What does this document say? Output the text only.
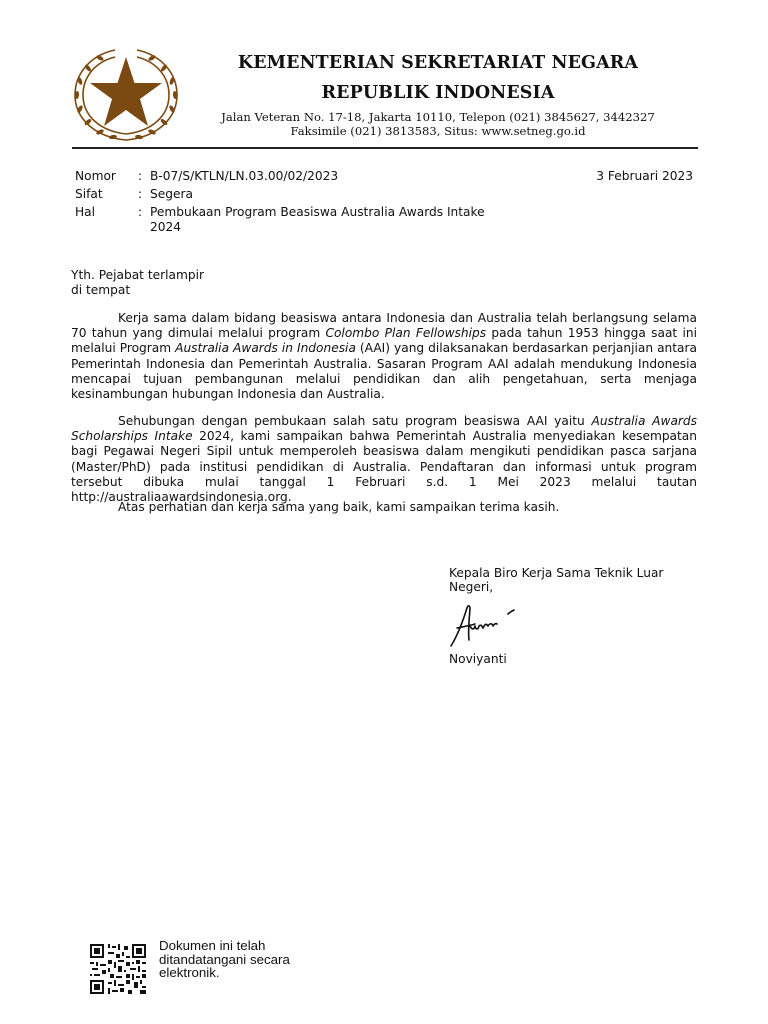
KEMENTERIAN SEKRETARIAT NEGARA
REPUBLIK INDONESIA
Jalan Veteran No. 17-18, Jakarta 10110, Telepon (021) 3845627, 3442327
Faksimile (021) 3813583, Situs: www.setneg.go.id
Nomor : B-07/S/KTLN/LN.03.00/02/2023
Sifat	: Segera
Hal	: Pembukaan Program Beasiswa Australia Awards Intake
2024
3 Februari 2023
Yth. Pejabat terlampir
di tempat

Kerja sama dalam bidang beasiswa antara Indonesia dan Australia telah berlangsung selama 70 tahun yang dimulai melalui program Colombo Plan Fellowships pada tahun 1953 hingga saat ini melalui Program Australia Awards in Indonesia (AAI) yang dilaksanakan berdasarkan perjanjian antara Pemerintah Indonesia dan Pemerintah Australia. Sasaran Program AAI adalah mendukung Indonesia mencapai tujuan pembangunan melalui pendidikan dan alih pengetahuan, serta menjaga kesinambungan hubungan Indonesia dan Australia.

Sehubungan dengan pembukaan salah satu program beasiswa AAI yaitu Australia Awards Scholarships Intake 2024, kami sampaikan bahwa Pemerintah Australia menyediakan kesempatan bagi Pegawai Negeri Sipil untuk memperoleh beasiswa dalam mengikuti pendidikan pasca sarjana (Master/PhD) pada institusi pendidikan di Australia. Pendaftaran dan informasi untuk program tersebut dibuka mulai tanggal 1 Februari s.d. 1 Mei 2023 melalui tautan http://australiaawardsindonesia.org.

Atas perhatian dan kerja sama yang baik, kami sampaikan terima kasih.

Kepala Biro Kerja Sama Teknik Luar
Negeri,
Noviyanti
Dokumen ini telah
ditandatangani secara
elektronik.
